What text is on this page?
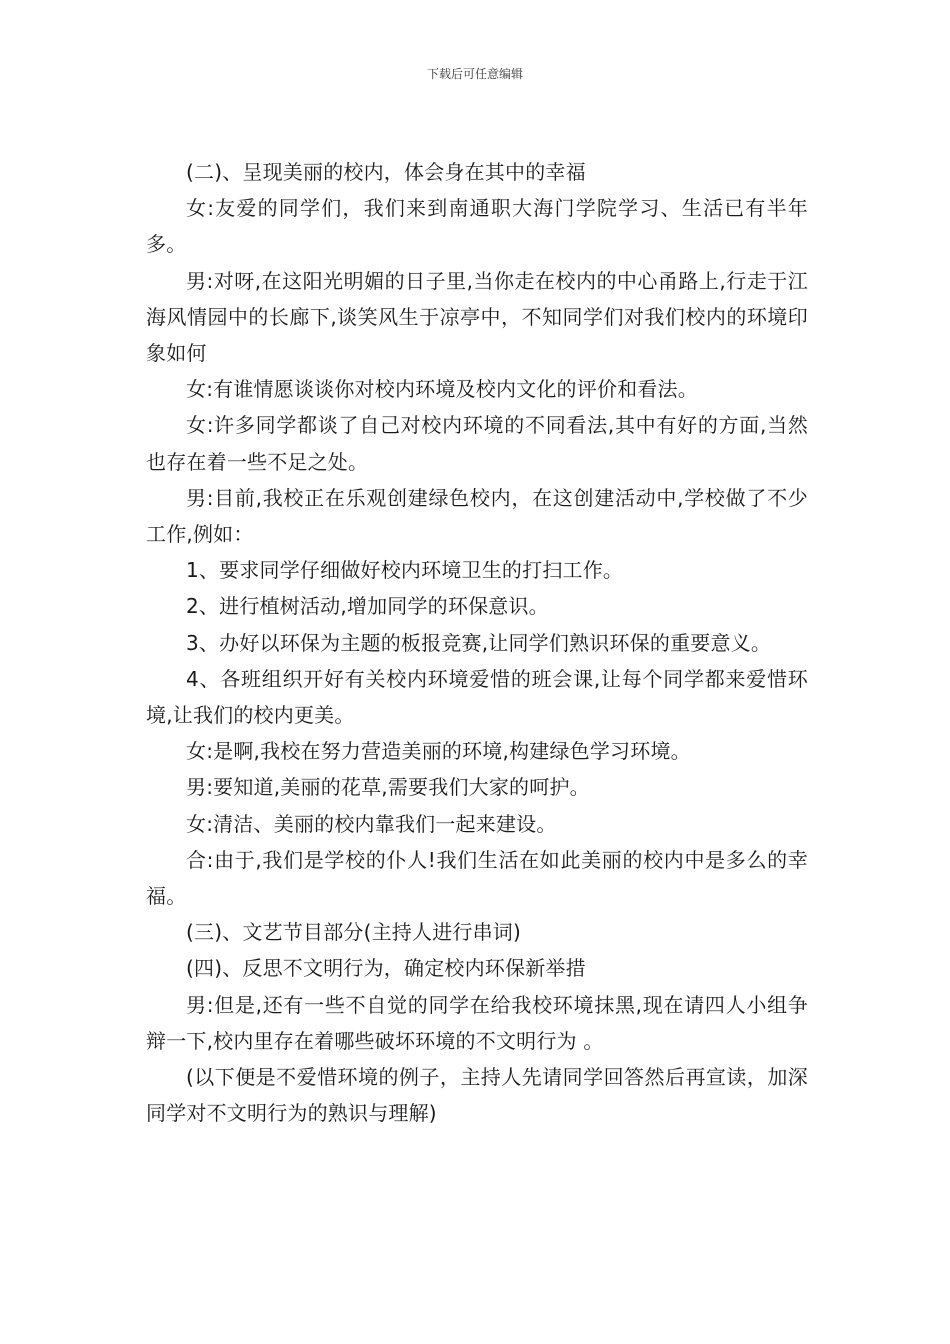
下载后可任意编辑

(二)、呈现美丽的校内，体会身在其中的幸福

女:友爱的同学们，我们来到南通职大海门学院学习、生活已有半年多。

男:对呀,在这阳光明媚的日子里,当你走在校内的中心甬路上,行走于江海风情园中的长廊下,谈笑风生于凉亭中，不知同学们对我们校内的环境印象如何

女:有谁情愿谈谈你对校内环境及校内文化的评价和看法。

女:许多同学都谈了自己对校内环境的不同看法,其中有好的方面,当然也存在着一些不足之处。

男:目前,我校正在乐观创建绿色校内，在这创建活动中,学校做了不少工作,例如：

1、要求同学仔细做好校内环境卫生的打扫工作。

2、进行植树活动,增加同学的环保意识。

3、办好以环保为主题的板报竞赛,让同学们熟识环保的重要意义。

4、各班组织开好有关校内环境爱惜的班会课,让每个同学都来爱惜环境,让我们的校内更美。

女:是啊,我校在努力营造美丽的环境,构建绿色学习环境。

男:要知道,美丽的花草,需要我们大家的呵护。

女:清洁、美丽的校内靠我们一起来建设。

合:由于,我们是学校的仆人!我们生活在如此美丽的校内中是多么的幸福。

(三)、文艺节目部分(主持人进行串词)

(四)、反思不文明行为，确定校内环保新举措

男:但是,还有一些不自觉的同学在给我校环境抹黑,现在请四人小组争辩一下,校内里存在着哪些破坏环境的不文明行为 。

(以下便是不爱惜环境的例子，主持人先请同学回答然后再宣读，加深同学对不文明行为的熟识与理解)
